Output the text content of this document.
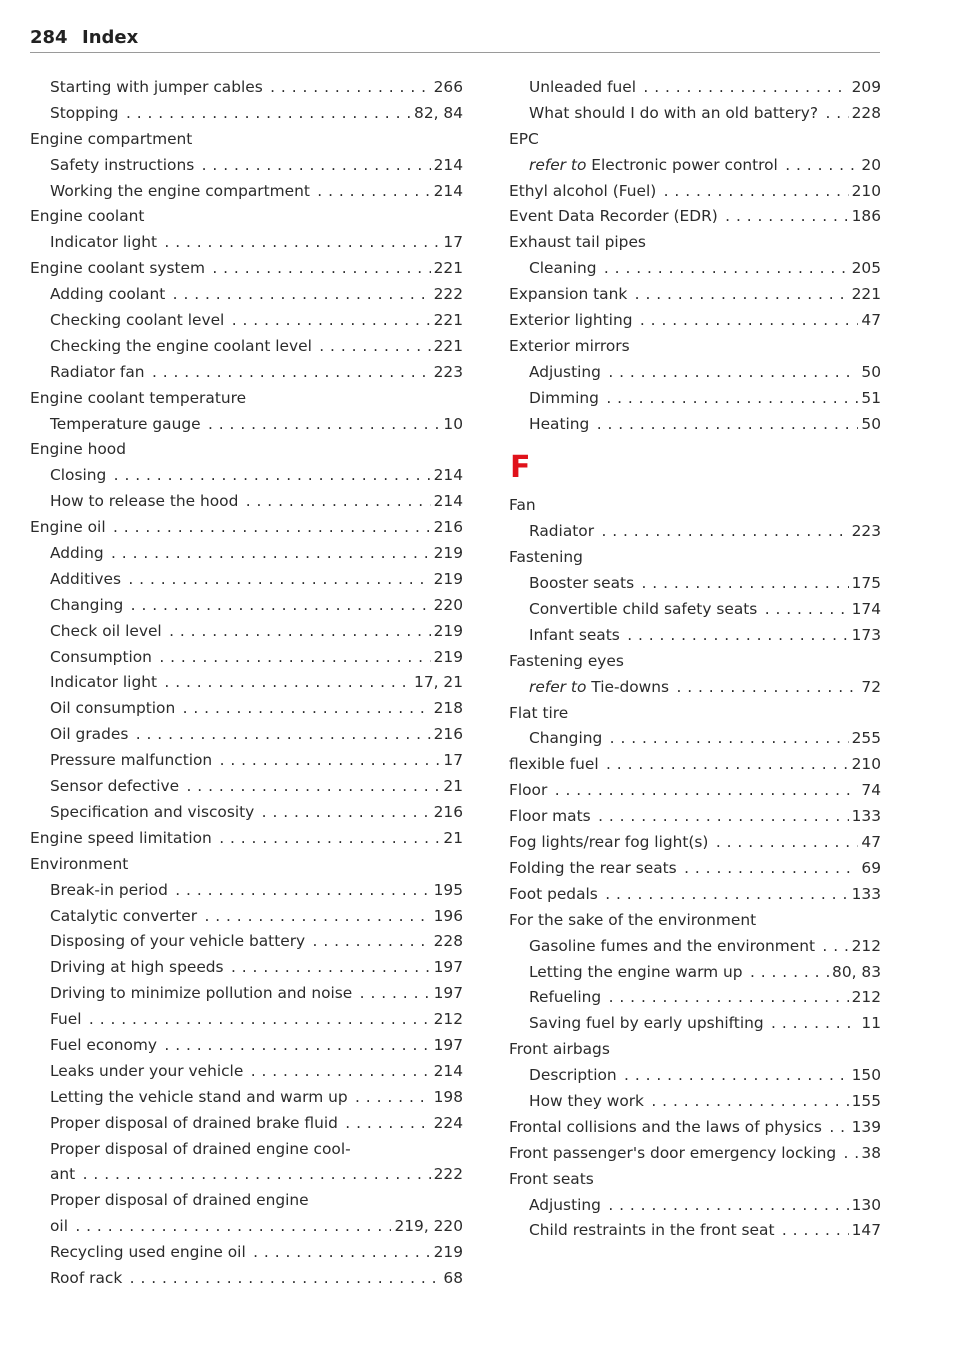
284 Index
Starting with jumper cables	266
. . .
Stopping	82, 84
. . .
Engine compartment
Safety instructions	214
. . .
Working the engine compartment	214
. . .
Engine coolant
Indicator light	17
. . .
Engine coolant system	221
. . .
Adding coolant	222
. . .
Checking coolant level	221
. . .
Checking the engine coolant level	221
. . .
Radiator fan	223
. . .
Engine coolant temperature
Temperature gauge	10
. . .
Engine hood
Closing	214
. . .
How to release the hood	214
. . .
Engine oil	216
. . .
Adding	219
. . .
Additives	219
. . .
Changing	220
. . .
Check oil level	219
. . .
Consumption	219
. . .
Indicator light	17, 21
. . .
Oil consumption	218
. . .
Oil grades	216
. . .
Pressure malfunction	17
. . .
Sensor defective	21
. . .
Specification and viscosity	216
. . .
Engine speed limitation	21
. . .
Environment
Break-in period	195
. . .
Catalytic converter	196
. . .
Disposing of your vehicle battery	228
. . .
Driving at high speeds	197
. . .
Driving to minimize pollution and noise	197
. . .
Fuel	212
. . .
Fuel economy	197
. . .
Leaks under your vehicle	214
. . .
Letting the vehicle stand and warm up	198
. . .
Proper disposal of drained brake fluid	224
. . .
Proper disposal of drained engine cool-
ant	222
. . .
Proper disposal of drained engine
oil	219, 220
. . .
Recycling used engine oil	219
. . .
Roof rack	68
. . .
Unleaded fuel	209
. . .
What should I do with an old battery? 228
. . .
EPC
refer to Electronic power control	20
. . .
Ethyl alcohol (Fuel)	210
. . .
Event Data Recorder (EDR)	186
. . .
Exhaust tail pipes
Cleaning	205
. . .
Expansion tank	221
. . .
Exterior lighting	47
. . .
Exterior mirrors
Adjusting	50
. . .
Dimming	51
. . .
Heating	50
. . .
F
Fan
Radiator	223
. . .
Fastening
Booster seats	175
. . .
Convertible child safety seats	174
. . .
Infant seats	173
. . .
Fastening eyes
refer to Tie-downs	72
. . .
Flat tire
Changing	255
. . .
flexible fuel	210
. . .
Floor	74
. . .
Floor mats	133
. . .
Fog lights/rear fog light(s)	47
. . .
Folding the rear seats	69
. . .
Foot pedals	133
. . .
For the sake of the environment
Gasoline fumes and the environment 212
. . .
Letting the engine warm up	80, 83
. . .
Refueling	212
. . .
Saving fuel by early upshifting	11
. . .
Front airbags
Description	150
. . .
How they work	155
. . .
Frontal collisions and the laws of physics 139
. . .
Front passenger's door emergency locking 38
. . .
Front seats
Adjusting	130
. . .
Child restraints in the front seat	147
. . .
